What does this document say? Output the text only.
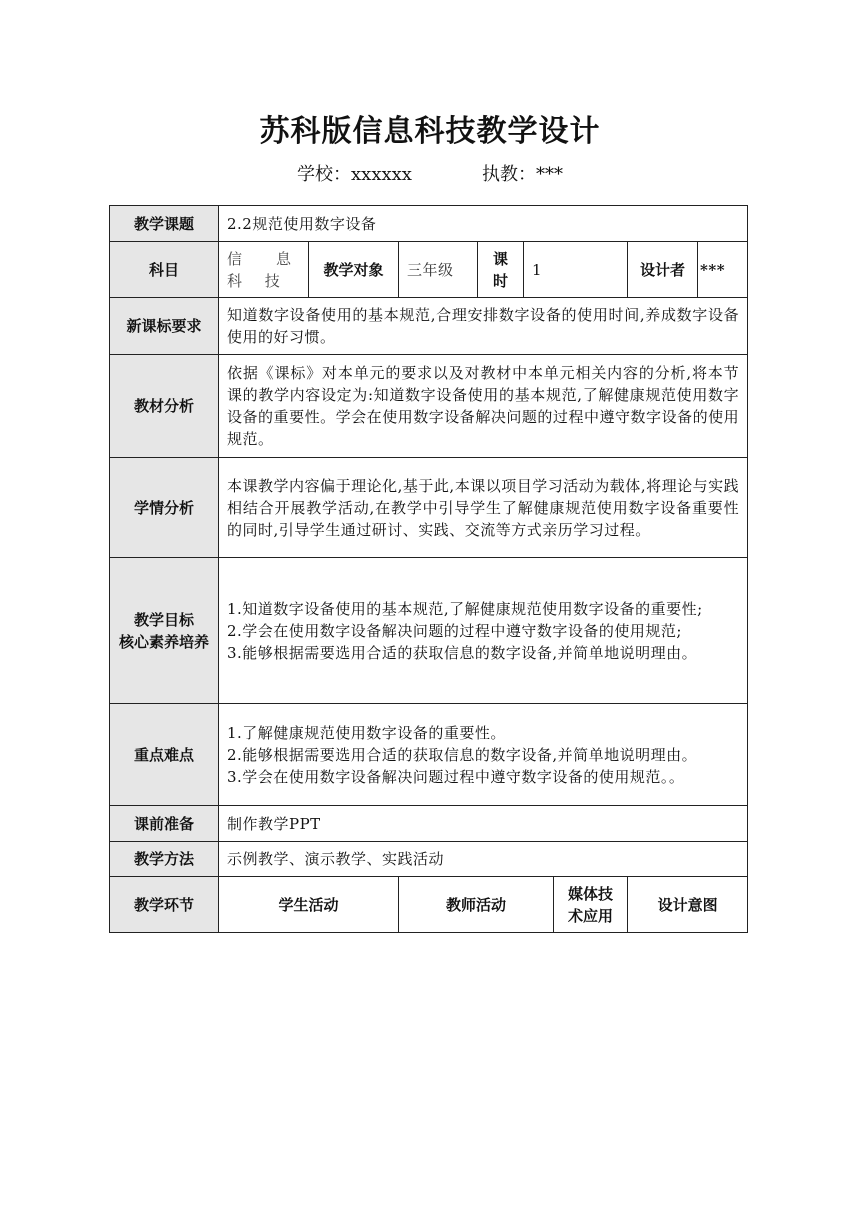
苏科版信息科技教学设计
学校：xxxxxx	执教：***
教学课题	2.2规范使用数字设备							
科目	信 息 科 技	教学对象	三年级	课时	1		设计者	***
新课标要求	知道数字设备使用的基本规范,合理安排数字设备的使用时间,养成数字设备使用的好习惯。							
教材分析	依据《课标》对本单元的要求以及对教材中本单元相关内容的分析,将本节课的教学内容设定为:知道数字设备使用的基本规范,了解健康规范使用数字设备的重要性。学会在使用数字设备解决问题的过程中遵守数字设备的使用规范。							
学情分析	本课教学内容偏于理论化,基于此,本课以项目学习活动为载体,将理论与实践相结合开展教学活动,在教学中引导学生了解健康规范使用数字设备重要性的同时,引导学生通过研讨、实践、交流等方式亲历学习过程。							

教学目标
核心素养培养	1.知道数字设备使用的基本规范,了解健康规范使用数字设备的重要性;
2.学会在使用数字设备解决问题的过程中遵守数字设备的使用规范;
3.能够根据需要选用合适的获取信息的数字设备,并简单地说明理由。							

重点难点	1.了解健康规范使用数字设备的重要性。
2.能够根据需要选用合适的获取信息的数字设备,并简单地说明理由。
3.学会在使用数字设备解决问题过程中遵守数字设备的使用规范。。							

课前准备	制作教学PPT							
教学方法	示例教学、演示教学、实践活动							
教学环节	学生活动		教师活动			媒体技术应用	设计意图	
